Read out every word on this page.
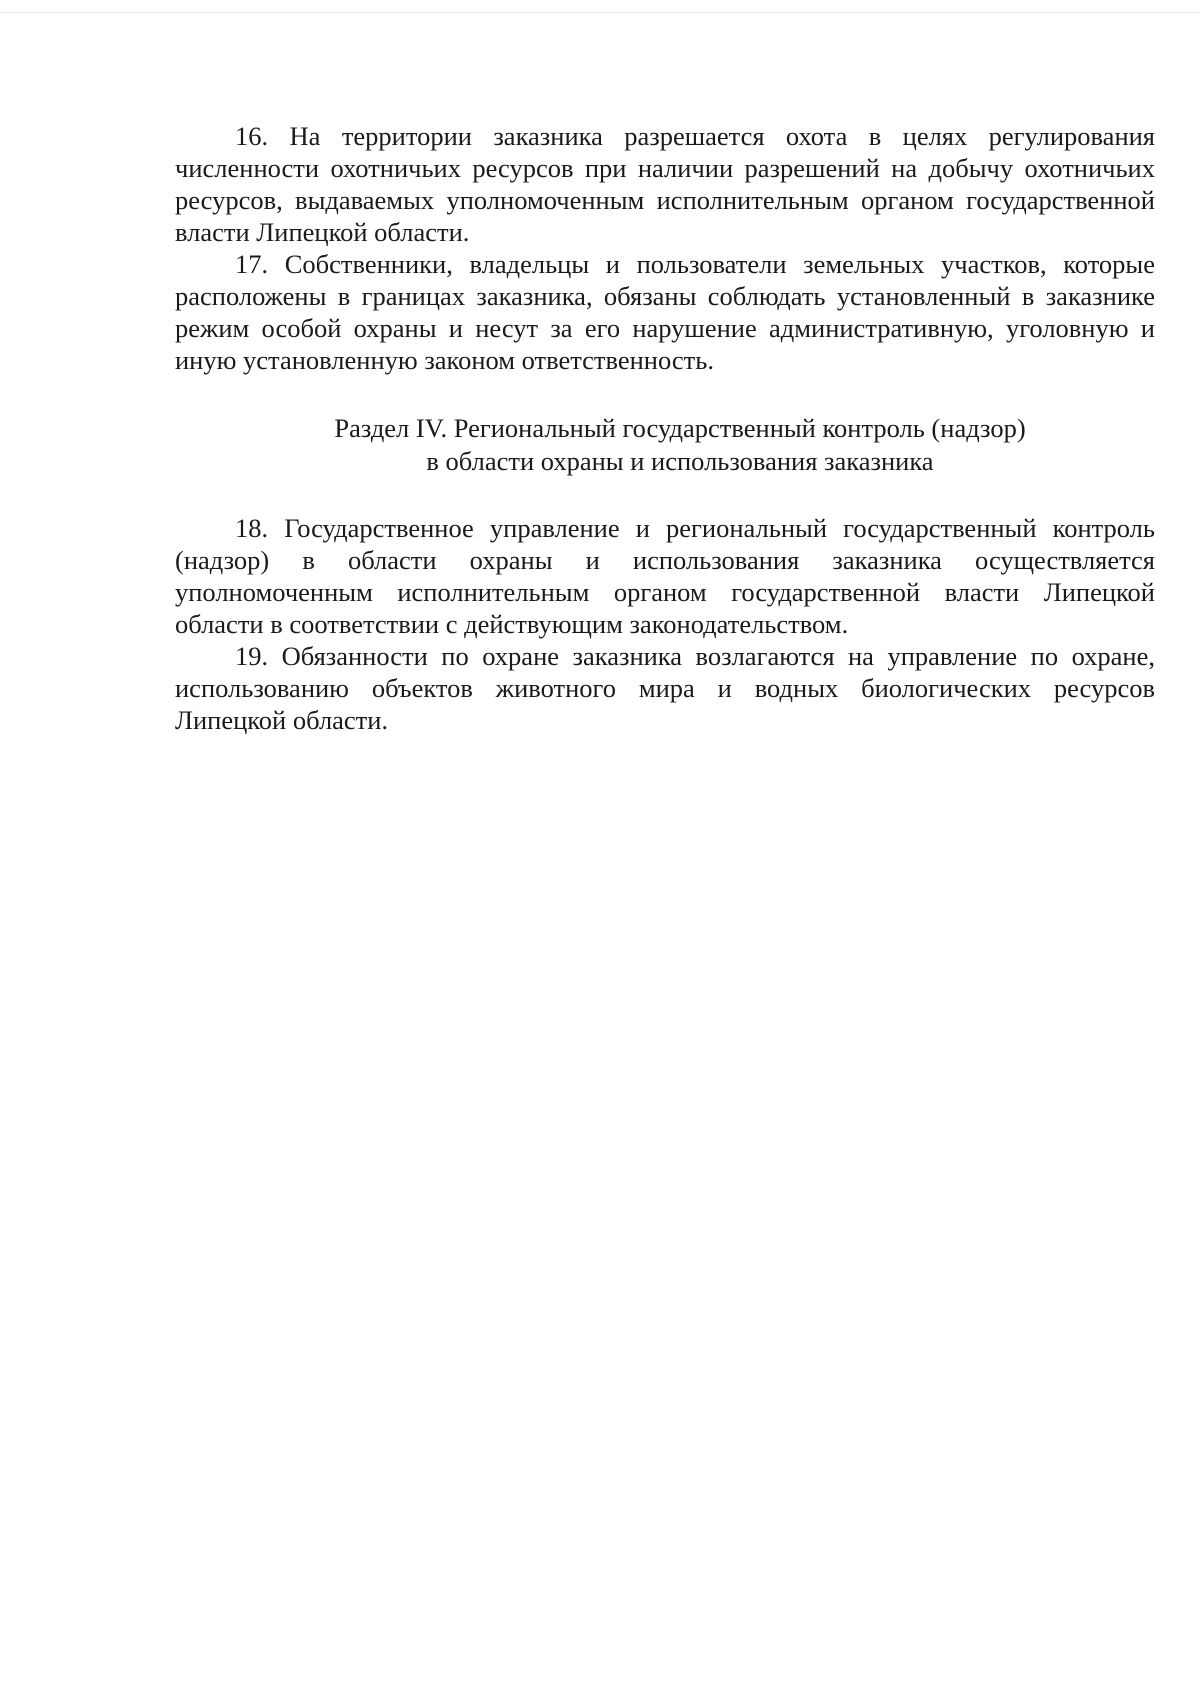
16. На территории заказника разрешается охота в целях регулирования численности охотничьих ресурсов при наличии разрешений на добычу охотничьих ресурсов, выдаваемых уполномоченным исполнительным органом государственной власти Липецкой области.

17. Собственники, владельцы и пользователи земельных участков, которые расположены в границах заказника, обязаны соблюдать установленный в заказнике режим особой охраны и несут за его нарушение административную, уголовную и иную установленную законом ответственность.

Раздел IV. Региональный государственный контроль (надзор)
в области охраны и использования заказника

18. Государственное управление и региональный государственный контроль (надзор) в области охраны и использования заказника осуществляется уполномоченным исполнительным органом государственной власти Липецкой области в соответствии с действующим законодательством.

19. Обязанности по охране заказника возлагаются на управление по охране, использованию объектов животного мира и водных биологических ресурсов Липецкой области.
